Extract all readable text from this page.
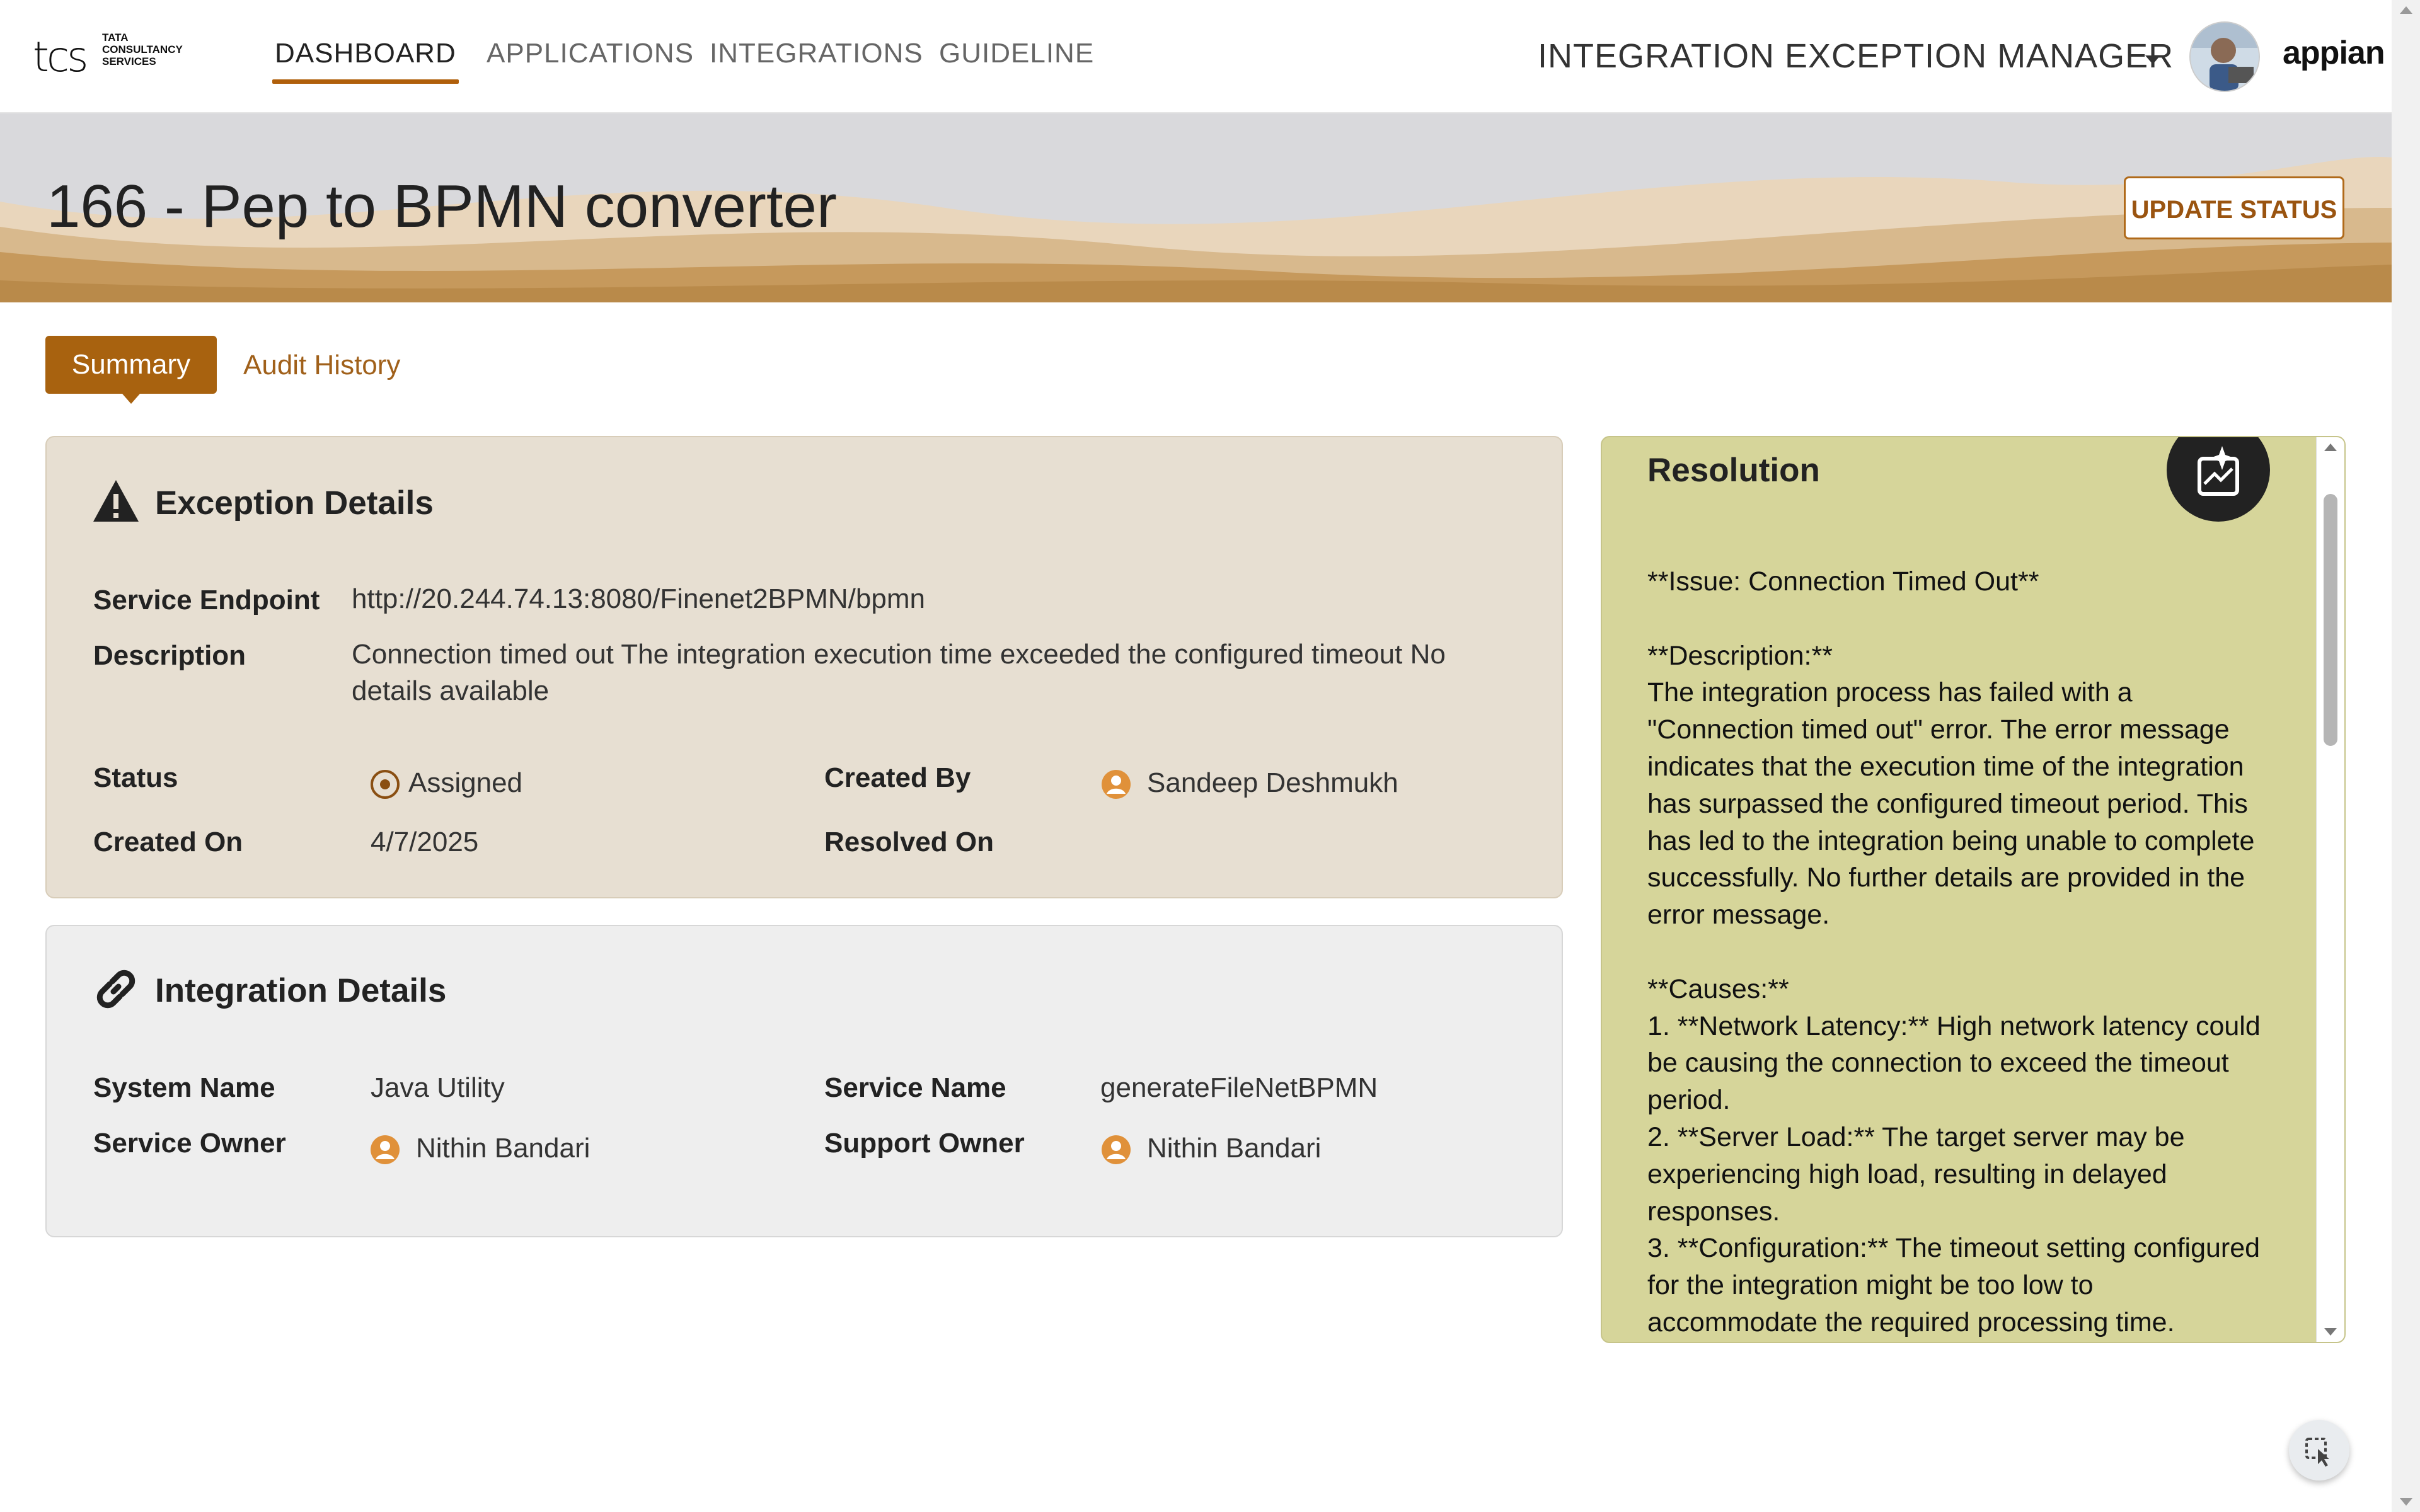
tcs TATA
CONSULTANCY
SERVICES	DASHBOARD APPLICATIONS INTEGRATIONS GUIDELINE	INTEGRATION EXCEPTION MANAGER	appian
166 - Pep to BPMN converter	UPDATE STATUS
Summary	Audit History
Exception Details
Service Endpoint http://20.244.74.13:8080/Finenet2BPMN/bpmn
Description	Connection timed out The integration execution time exceeded the configured timeout No
details available
Status	Assigned	Created By	Sandeep Deshmukh
Created On	4/7/2025	Resolved On
Integration Details
System Name	Java Utility	Service Name	generateFileNetBPMN
Service Owner	Nithin Bandari	Support Owner	Nithin Bandari
Resolution
**Issue: Connection Timed Out**

**Description:**
The integration process has failed with a "Connection timed out" error. The error message indicates that the execution time of the integration has surpassed the configured timeout period. This has led to the integration being unable to complete successfully. No further details are provided in the error message.

**Causes:**
1. **Network Latency:** High network latency could be causing the connection to exceed the timeout period.
2. **Server Load:** The target server may be experiencing high load, resulting in delayed responses.
3. **Configuration:** The timeout setting configured for the integration might be too low to accommodate the required processing time.
